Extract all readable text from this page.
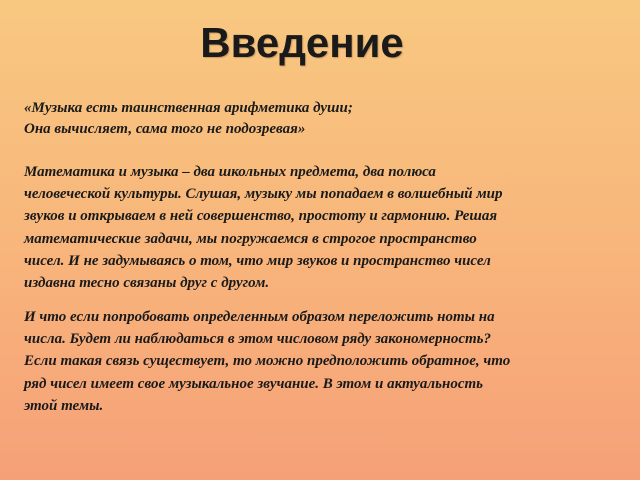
Введение
«Музыка есть таинственная арифметика души;
Она вычисляет, сама того не подозревая»
Математика и музыка – два школьных предмета, два полюса
человеческой культуры. Слушая, музыку мы попадаем в волшебный мир
звуков и открываем в ней совершенство, простоту и гармонию. Решая
математические задачи, мы погружаемся в строгое пространство
чисел. И не задумываясь о том, что мир звуков и пространство чисел
издавна тесно связаны друг с другом.
И что если попробовать определенным образом переложить ноты на
числа. Будет ли наблюдаться в этом числовом ряду закономерность?
Если такая связь существует, то можно предположить обратное, что
ряд чисел имеет свое музыкальное звучание. В этом и актуальность
этой темы.
